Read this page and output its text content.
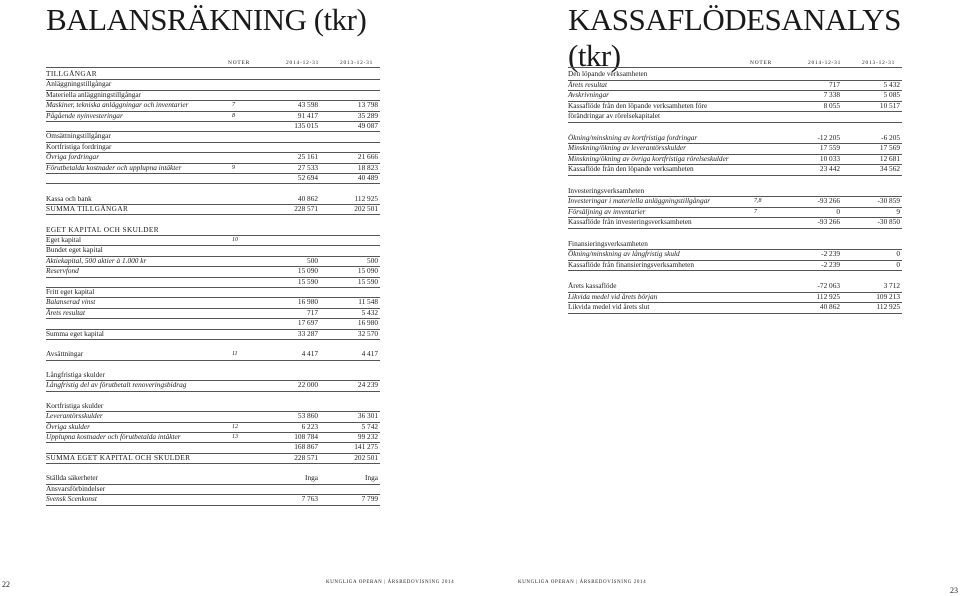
BALANSRÄKNING (tkr)
NOTER	2014-12-31	2013-12-31
TILLGÅNGAR
Anläggningstillgångar
Materiella anläggningstillgångar
Maskiner, tekniska anläggningar och inventarier	7	43 598	13 798
Pågående nyinvesteringar	8	91 417	35 289
135 015	49 087
Omsättningstillgångar
Kortfristiga fordringar
Övriga fordringar	25 161	21 666
Förutbetalda kostnader och upplupna intäkter	9	27 533	18 823
52 694	40 489
Kassa och bank	40 862	112 925
SUMMA TILLGÅNGAR	228 571	202 501
EGET KAPITAL OCH SKULDER
Eget kapital	10
Bundet eget kapital
Aktiekapital, 500 aktier à 1.000 kr	500	500
Reservfond	15 090	15 090
15 590	15 590
Fritt eget kapital
Balanserad vinst	16 980	11 548
Årets resultat	717	5 432
17 697	16 980
Summa eget kapital	33 287	32 570
Avsättningar	11	4 417	4 417
Långfristiga skulder
Långfristig del av förutbetalt renoveringsbidrag	22 000	24 239
Kortfristiga skulder
Leverantörsskulder	53 860	36 301
Övriga skulder	12	6 223	5 742
Upplupna kostnader och förutbetalda intäkter	13	108 784	99 232
168 867	141 275
SUMMA EGET KAPITAL OCH SKULDER	228 571	202 501
Ställda säkerheter	Inga	Inga
Ansvarsförbindelser
Svensk Scenkonst	7 763	7 799
KASSAFLÖDESANALYS (tkr)	NOTER	2014-12-31	2013-12-31
Den löpande verksamheten
Årets resultat	717	5 432
Avskrivningar	7 338	5 085
Kassaflöde från den löpande verksamheten före	8 055	10 517
förändringar av rörelsekapitalet
Ökning/minskning av kortfristiga fordringar	-12 205	-6 205
Minskning/ökning av leverantörsskulder	17 559	17 569
Minskning/ökning av övriga kortfristiga rörelseskulder	10 033	12 681
Kassaflöde från den löpande verksamheten	23 442	34 562
Investeringsverksamheten
Investeringar i materiella anläggningstillgångar	7,8	-93 266	-30 859
Försäljning av inventarier	7	0	9
Kassaflöde från investeringsverksamheten	-93 266	-30 850
Finansieringsverksamheten
Ökning/minskning av långfristig skuld	-2 239	0
Kassaflöde från finansieringsverksamheten	-2 239	0
Årets kassaflöde	-72 063	3 712
Likvida medel vid årets början	112 925	109 213
Likvida medel vid årets slut	40 862	112 925
22	KUNGLIGA OPERAN | ÅRSREDOVISNING 2014	KUNGLIGA OPERAN | ÅRSREDOVISNING 2014
23
